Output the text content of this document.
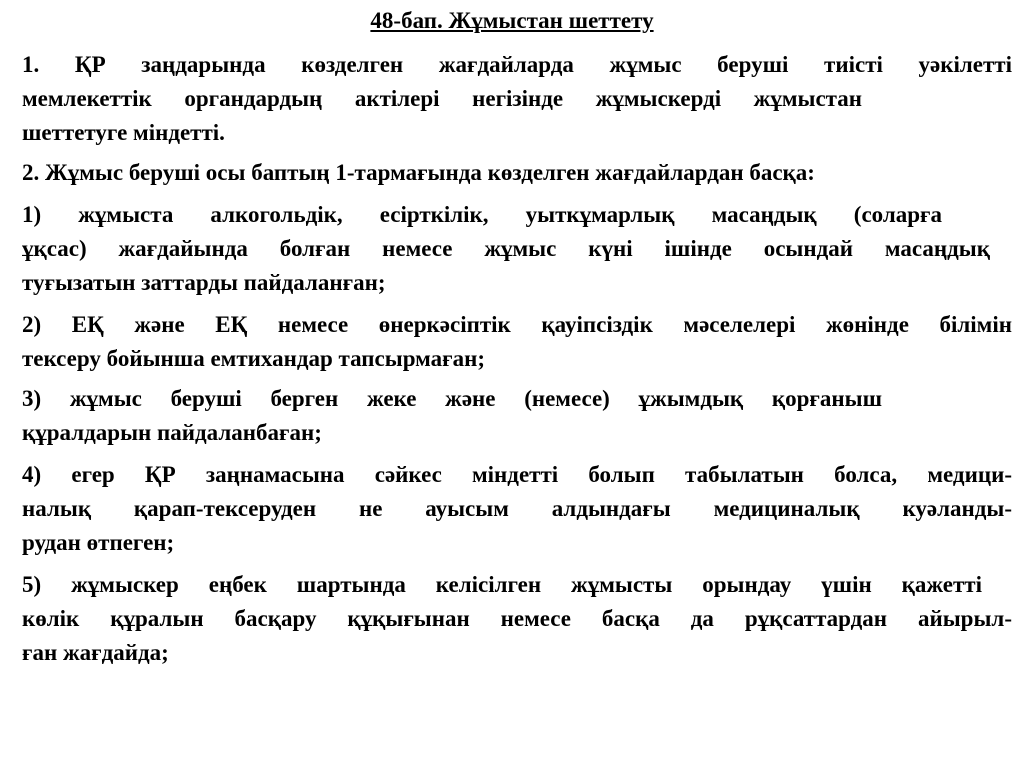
48-бап. Жұмыстан шеттету
1. ҚР заңдарында көзделген жағдайларда жұмыс беруші тиісті уәкілетті
мемлекеттік органдардың актілері негізінде жұмыскерді жұмыстан
шеттетуге міндетті.
2. Жұмыс беруші осы баптың 1-тармағында көзделген жағдайлардан басқа:
1) жұмыста алкогольдік, есірткілік, уыткұмарлық масаңдық (соларға
ұқсас) жағдайында болған немесе жұмыс күні ішінде осындай масаңдық
туғызатын заттарды пайдаланған;
2) ЕҚ және ЕҚ немесе өнеркәсіптік қауіпсіздік мәселелері жөнінде білімін
тексеру бойынша емтихандар тапсырмаған;
3) жұмыс беруші берген жеке және (немесе) ұжымдық қорғаныш
құралдарын пайдаланбаған;
4) егер ҚР заңнамасына сәйкес міндетті болып табылатын болса, медици-
налық қарап-тексеруден не ауысым алдындағы медициналық куәланды-
рудан өтпеген;
5) жұмыскер еңбек шартында келісілген жұмысты орындау үшін қажетті
көлік құралын басқару құқығынан немесе басқа да рұқсаттардан айырыл-
ған жағдайда;
